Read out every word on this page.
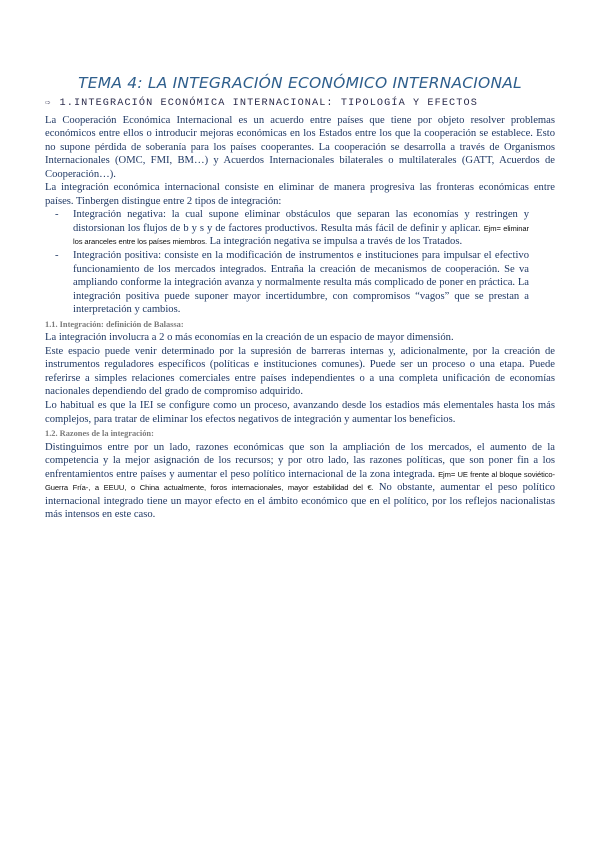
TEMA 4: LA INTEGRACIÓN ECONÓMICO INTERNACIONAL
⇨ 1.INTEGRACIÓN ECONÓMICA INTERNACIONAL: TIPOLOGÍA Y EFECTOS

La Cooperación Económica Internacional es un acuerdo entre países que tiene por objeto resolver problemas económicos entre ellos o introducir mejoras económicas en los Estados entre los que la cooperación se establece. Esto no supone pérdida de soberanía para los países cooperantes. La cooperación se desarrolla a través de Organismos Internacionales (OMC, FMI, BM…) y Acuerdos Internacionales bilaterales o multilaterales (GATT, Acuerdos de Cooperación…).

La integración económica internacional consiste en eliminar de manera progresiva las fronteras económicas entre países. Tinbergen distingue entre 2 tipos de integración:

- Integración negativa: la cual supone eliminar obstáculos que separan las economías y restringen y distorsionan los flujos de b y s y de factores productivos. Resulta más fácil de definir y aplicar. Ejm= eliminar los aranceles entre los países miembros. La integración negativa se impulsa a través de los Tratados.
- Integración positiva: consiste en la modificación de instrumentos e instituciones para impulsar el efectivo funcionamiento de los mercados integrados. Entraña la creación de mecanismos de cooperación. Se va ampliando conforme la integración avanza y normalmente resulta más complicado de poner en práctica. La integración positiva puede suponer mayor incertidumbre, con compromisos “vagos” que se prestan a interpretación y cambios.
1.1. Integración: definición de Balassa:

La integración involucra a 2 o más economías en la creación de un espacio de mayor dimensión.

Este espacio puede venir determinado por la supresión de barreras internas y, adicionalmente, por la creación de instrumentos reguladores específicos (políticas e instituciones comunes). Puede ser un proceso o una etapa. Puede referirse a simples relaciones comerciales entre países independientes o a una completa unificación de economías nacionales dependiendo del grado de compromiso adquirido.

Lo habitual es que la IEI se configure como un proceso, avanzando desde los estadios más elementales hasta los más complejos, para tratar de eliminar los efectos negativos de integración y aumentar los beneficios.

1.2. Razones de la integración:

Distinguimos entre por un lado, razones económicas que son la ampliación de los mercados, el aumento de la competencia y la mejor asignación de los recursos; y por otro lado, las razones políticas, que son poner fin a los enfrentamientos entre países y aumentar el peso político internacional de la zona integrada. Ejm= UE frente al bloque soviético-Guerra Fría-, a EEUU, o China actualmente, foros internacionales, mayor estabilidad del €. No obstante, aumentar el peso político internacional integrado tiene un mayor efecto en el ámbito económico que en el político, por los reflejos nacionalistas más intensos en este caso.
